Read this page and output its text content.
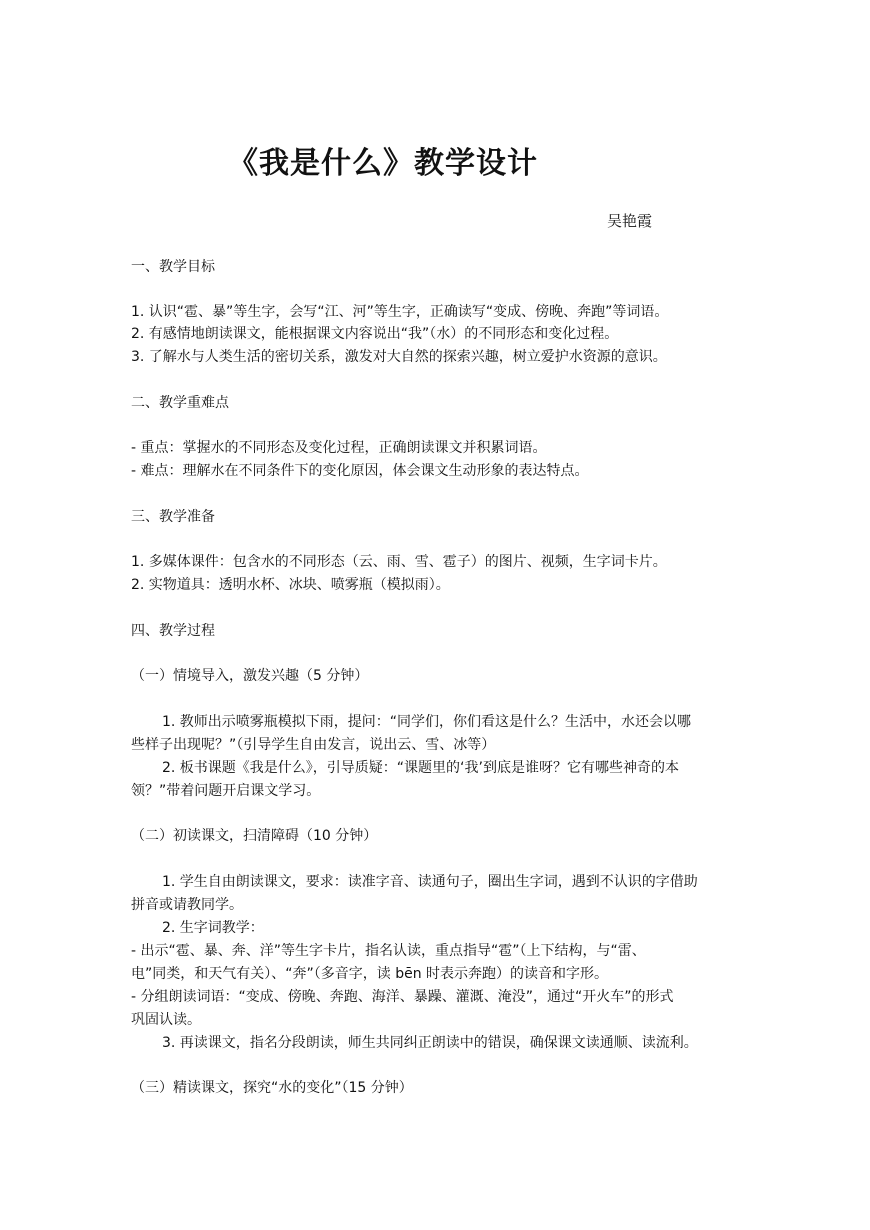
《我是什么》教学设计
吴艳霞
一、教学目标
1. 认识“雹、暴”等生字，会写“江、河”等生字，正确读写“变成、傍晚、奔跑”等词语。
2. 有感情地朗读课文，能根据课文内容说出“我”（水）的不同形态和变化过程。
3. 了解水与人类生活的密切关系，激发对大自然的探索兴趣，树立爱护水资源的意识。
二、教学重难点
- 重点：掌握水的不同形态及变化过程，正确朗读课文并积累词语。
- 难点：理解水在不同条件下的变化原因，体会课文生动形象的表达特点。
三、教学准备
1. 多媒体课件：包含水的不同形态（云、雨、雪、雹子）的图片、视频，生字词卡片。
2. 实物道具：透明水杯、冰块、喷雾瓶（模拟雨）。
四、教学过程
（一）情境导入，激发兴趣（5 分钟）
1. 教师出示喷雾瓶模拟下雨，提问：“同学们，你们看这是什么？生活中，水还会以哪
些样子出现呢？”（引导学生自由发言，说出云、雪、冰等）
2. 板书课题《我是什么》，引导质疑：“课题里的‘我’到底是谁呀？它有哪些神奇的本
领？”带着问题开启课文学习。
（二）初读课文，扫清障碍（10 分钟）
1. 学生自由朗读课文，要求：读准字音、读通句子，圈出生字词，遇到不认识的字借助
拼音或请教同学。
2. 生字词教学：
- 出示“雹、暴、奔、洋”等生字卡片，指名认读，重点指导“雹”（上下结构，与“雷、
电”同类，和天气有关）、“奔”（多音字，读 bēn 时表示奔跑）的读音和字形。
- 分组朗读词语：“变成、傍晚、奔跑、海洋、暴躁、灌溉、淹没”，通过“开火车”的形式
巩固认读。
3. 再读课文，指名分段朗读，师生共同纠正朗读中的错误，确保课文读通顺、读流利。
（三）精读课文，探究“水的变化”（15 分钟）
